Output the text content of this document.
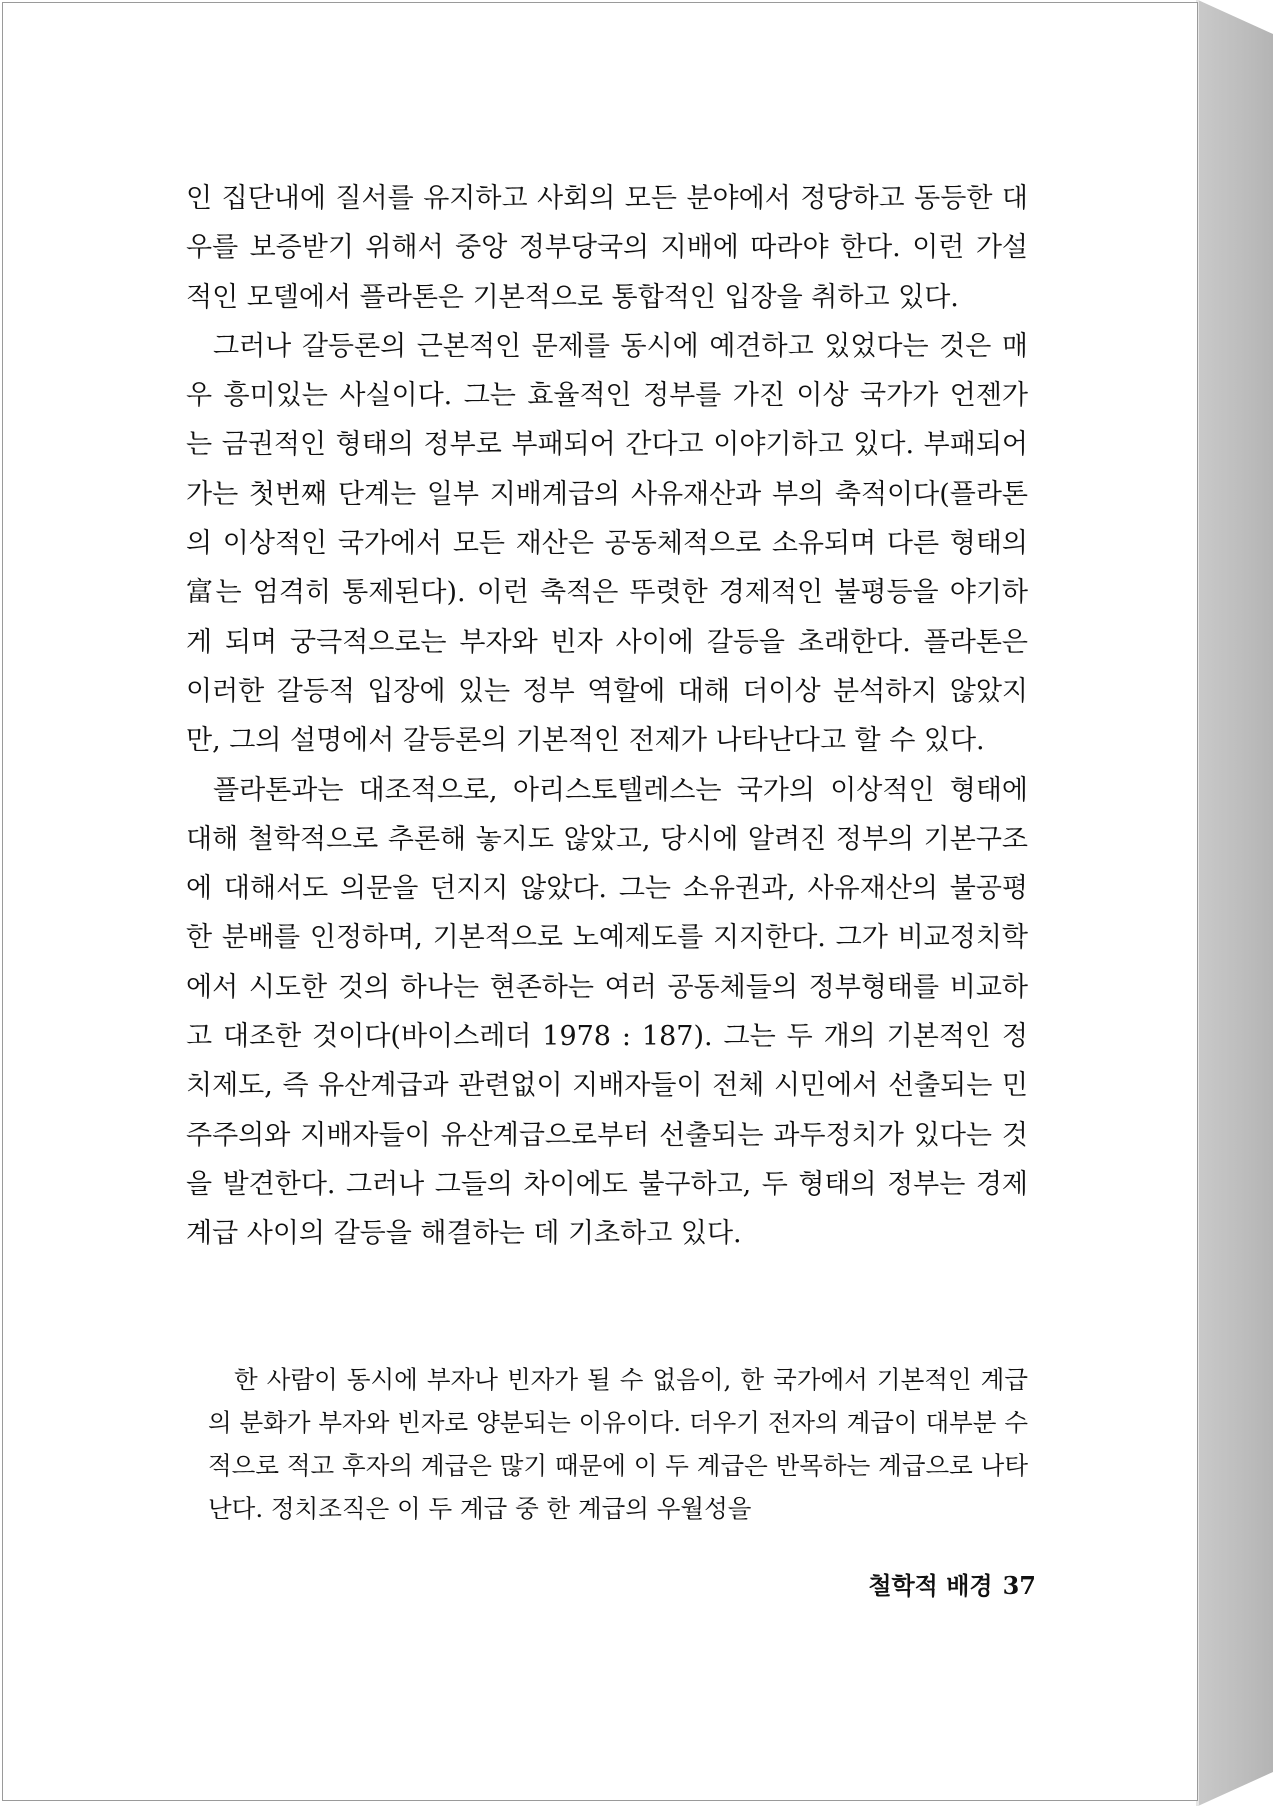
인 집단내에 질서를 유지하고 사회의 모든 분야에서 정당하고 동등한 대우를 보증받기 위해서 중앙 정부당국의 지배에 따라야 한다. 이런 가설적인 모델에서 플라톤은 기본적으로 통합적인 입장을 취하고 있다.

그러나 갈등론의 근본적인 문제를 동시에 예견하고 있었다는 것은 매우 흥미있는 사실이다. 그는 효율적인 정부를 가진 이상 국가가 언젠가는 금권적인 형태의 정부로 부패되어 간다고 이야기하고 있다. 부패되어 가는 첫번째 단계는 일부 지배계급의 사유재산과 부의 축적이다(플라톤의 이상적인 국가에서 모든 재산은 공동체적으로 소유되며 다른 형태의 富는 엄격히 통제된다). 이런 축적은 뚜렷한 경제적인 불평등을 야기하게 되며 궁극적으로는 부자와 빈자 사이에 갈등을 초래한다. 플라톤은 이러한 갈등적 입장에 있는 정부 역할에 대해 더이상 분석하지 않았지만, 그의 설명에서 갈등론의 기본적인 전제가 나타난다고 할 수 있다.

플라톤과는 대조적으로, 아리스토텔레스는 국가의 이상적인 형태에 대해 철학적으로 추론해 놓지도 않았고, 당시에 알려진 정부의 기본구조에 대해서도 의문을 던지지 않았다. 그는 소유권과, 사유재산의 불공평한 분배를 인정하며, 기본적으로 노예제도를 지지한다. 그가 비교정치학에서 시도한 것의 하나는 현존하는 여러 공동체들의 정부형태를 비교하고 대조한 것이다(바이스레더 1978 : 187). 그는 두 개의 기본적인 정치제도, 즉 유산계급과 관련없이 지배자들이 전체 시민에서 선출되는 민주주의와 지배자들이 유산계급으로부터 선출되는 과두정치가 있다는 것을 발견한다. 그러나 그들의 차이에도 불구하고, 두 형태의 정부는 경제계급 사이의 갈등을 해결하는 데 기초하고 있다.

한 사람이 동시에 부자나 빈자가 될 수 없음이, 한 국가에서 기본적인 계급의 분화가 부자와 빈자로 양분되는 이유이다. 더우기 전자의 계급이 대부분 수적으로 적고 후자의 계급은 많기 때문에 이 두 계급은 반목하는 계급으로 나타난다. 정치조직은 이 두 계급 중 한 계급의 우월성을

철학적 배경 37
